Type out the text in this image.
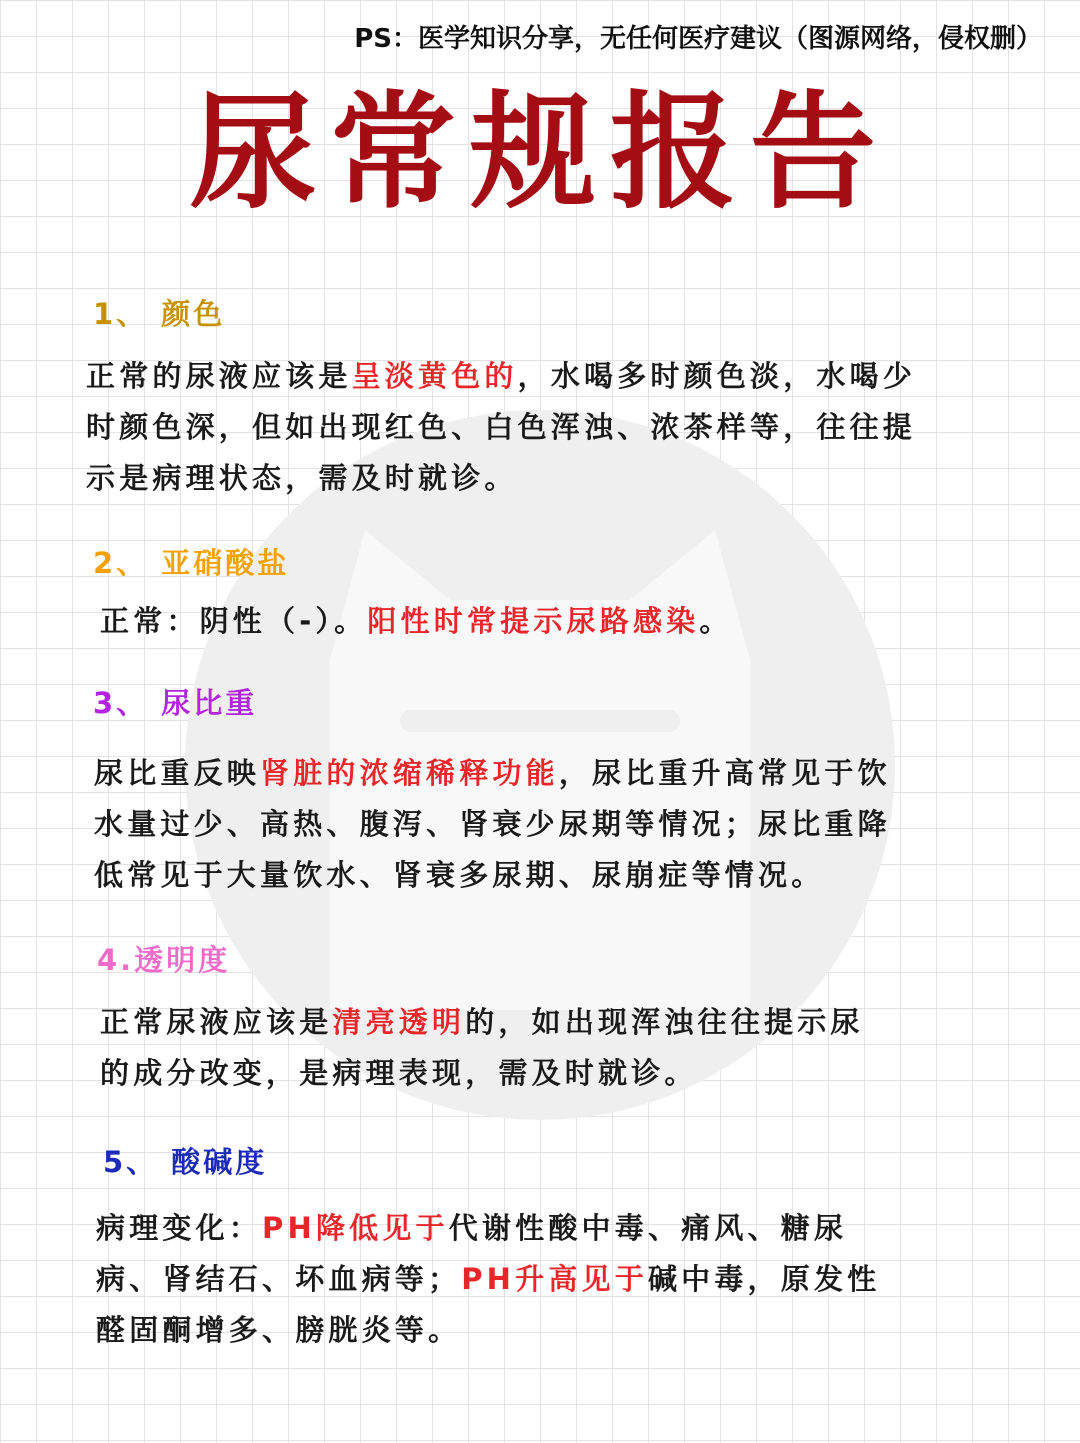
PS：医学知识分享，无任何医疗建议（图源网络，侵权删）
尿常规报告
1、 颜色
正常的尿液应该是呈淡黄色的，水喝多时颜色淡，水喝少
时颜色深，但如出现红色、白色浑浊、浓茶样等，往往提
示是病理状态，需及时就诊。
2、 亚硝酸盐
正常：阴性（-）。阳性时常提示尿路感染。
3、 尿比重
尿比重反映肾脏的浓缩稀释功能，尿比重升高常见于饮
水量过少、高热、腹泻、肾衰少尿期等情况；尿比重降
低常见于大量饮水、肾衰多尿期、尿崩症等情况。
4.透明度
正常尿液应该是清亮透明的，如出现浑浊往往提示尿
的成分改变，是病理表现，需及时就诊。
5、 酸碱度
病理变化：PH降低见于代谢性酸中毒、痛风、糖尿
病、肾结石、坏血病等；PH升高见于碱中毒，原发性
醛固酮增多、膀胱炎等。
